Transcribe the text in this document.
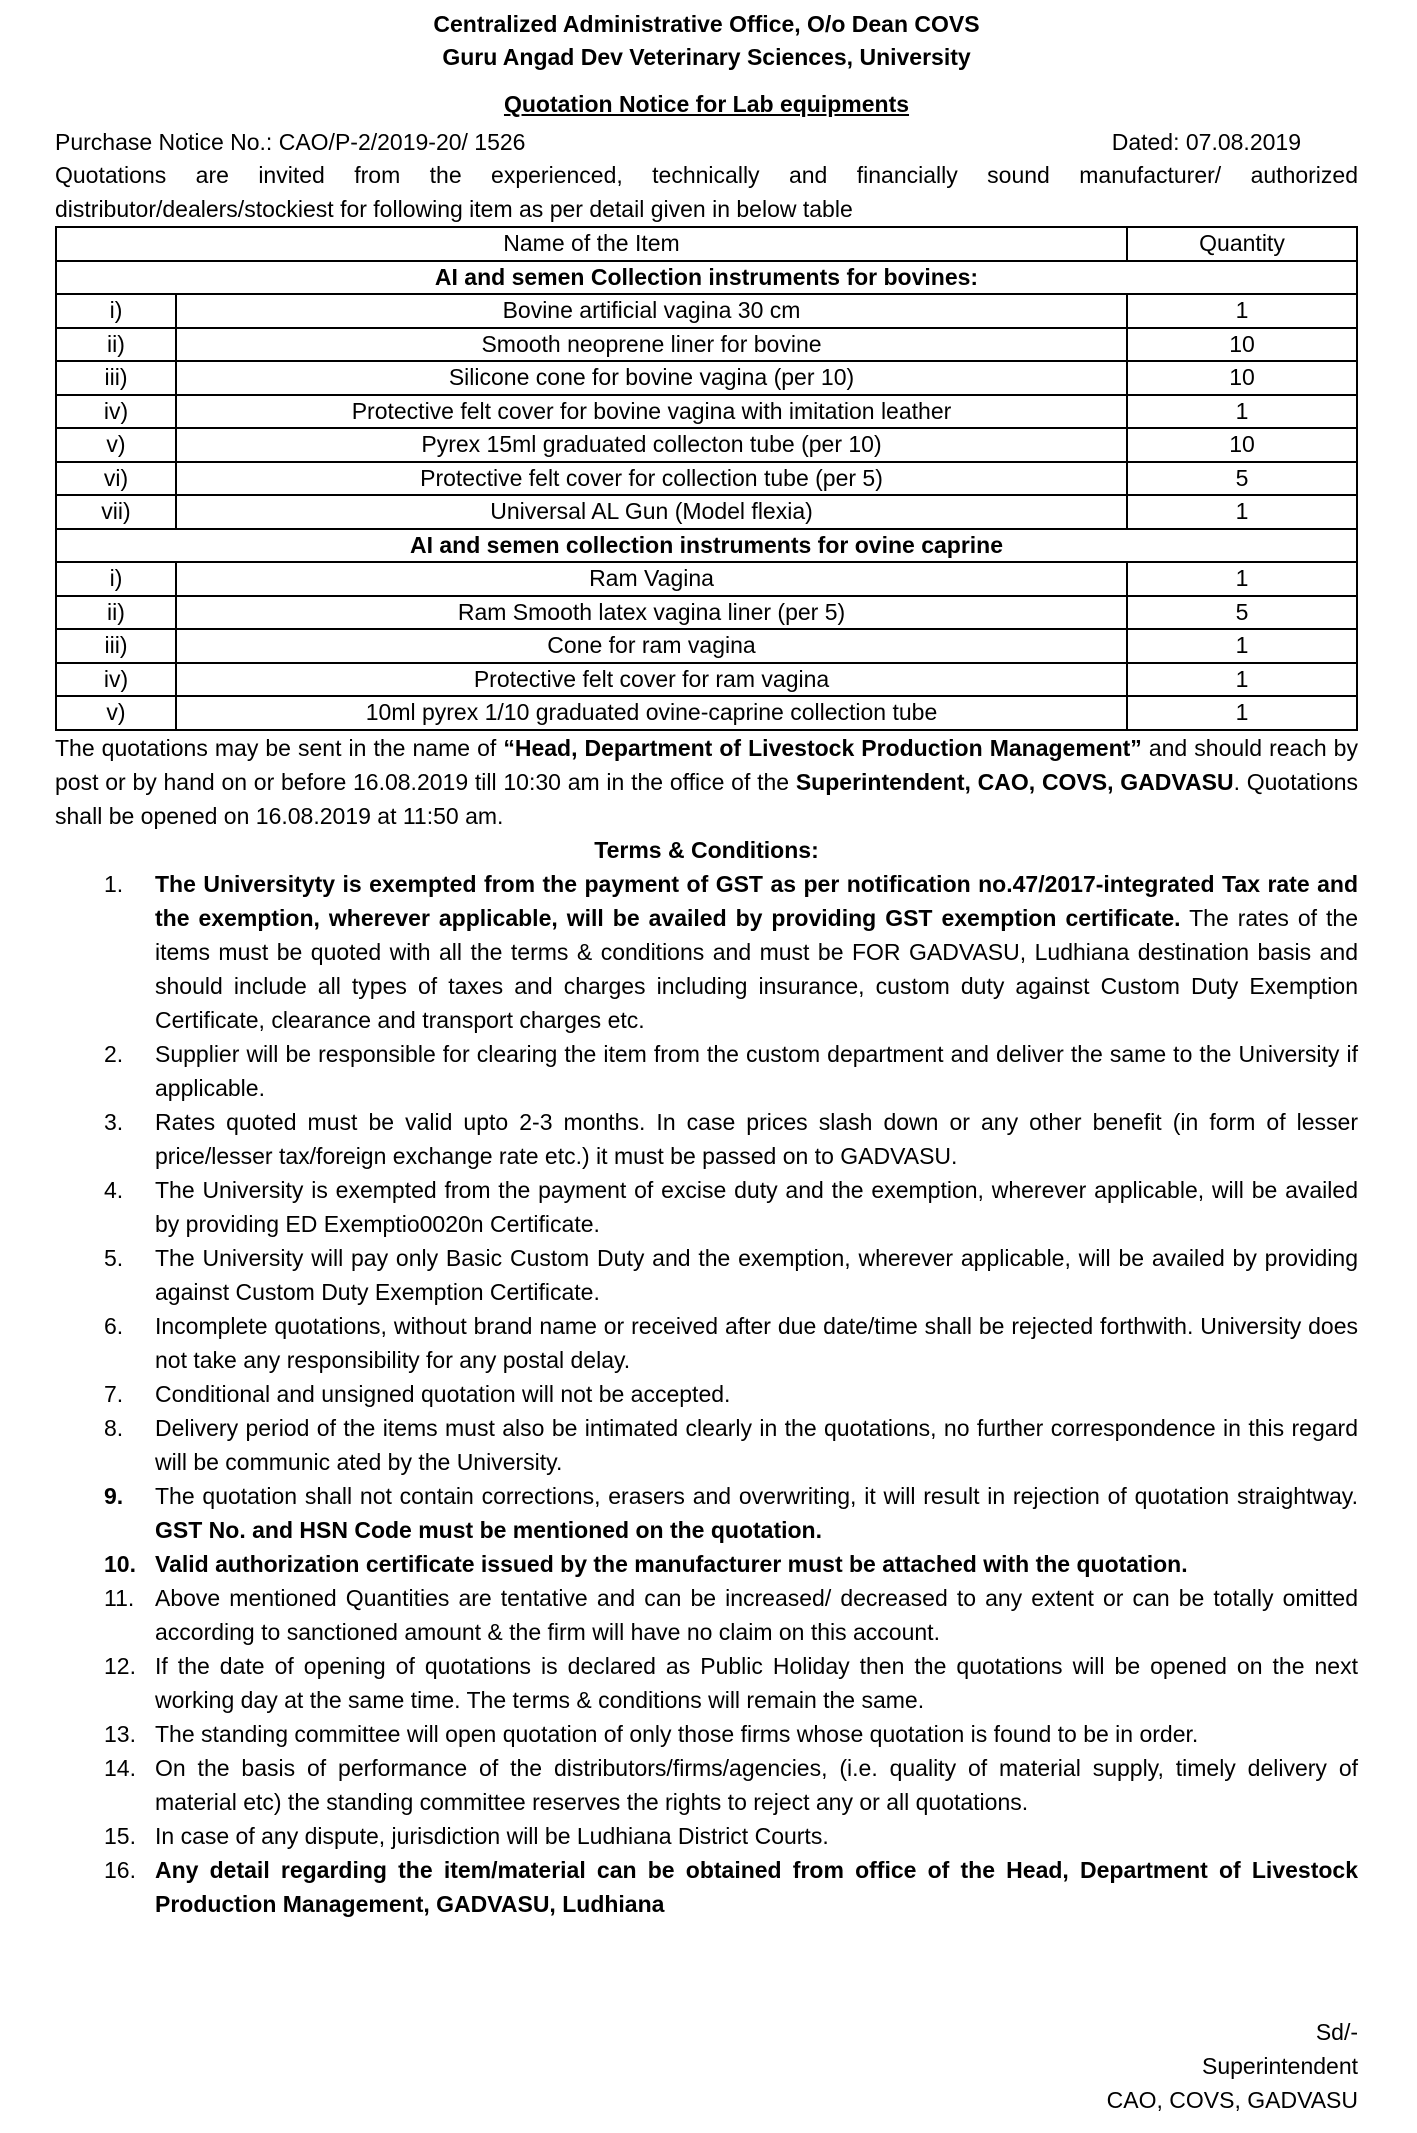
Centralized Administrative Office, O/o Dean COVS
Guru Angad Dev Veterinary Sciences, University
Quotation Notice for Lab equipments
Purchase Notice No.: CAO/P-2/2019-20/ 1526	Dated: 07.08.2019
Quotations are invited from the experienced, technically and financially sound manufacturer/ authorized distributor/dealers/stockiest for following item as per detail given in below table
Name of the Item		Quantity
AI and semen Collection instruments for bovines:		
i)	Bovine artificial vagina 30 cm	1
ii)	Smooth neoprene liner for bovine	10
iii)	Silicone cone for bovine vagina (per 10)	10
iv)	Protective felt cover for bovine vagina with imitation leather	1
v)	Pyrex 15ml graduated collecton tube (per 10)	10
vi)	Protective felt cover for collection tube (per 5)	5
vii)	Universal AL Gun (Model flexia)	1
AI and semen collection instruments for ovine caprine		
i)	Ram Vagina	1
ii)	Ram Smooth latex vagina liner (per 5)	5
iii)	Cone for ram vagina	1
iv)	Protective felt cover for ram vagina	1
v)	10ml pyrex 1/10 graduated ovine-caprine collection tube	1
The quotations may be sent in the name of “Head, Department of Livestock Production Management” and should reach by post or by hand on or before 16.08.2019 till 10:30 am in the office of the Superintendent, CAO, COVS, GADVASU. Quotations shall be opened on 16.08.2019 at 11:50 am.
Terms & Conditions:
1.	The Universityty is exempted from the payment of GST as per notification no.47/2017-integrated Tax rate and the exemption, wherever applicable, will be availed by providing GST exemption certificate. The rates of the items must be quoted with all the terms & conditions and must be FOR GADVASU, Ludhiana destination basis and should include all types of taxes and charges including insurance, custom duty against Custom Duty Exemption Certificate, clearance and transport charges etc.
2.	Supplier will be responsible for clearing the item from the custom department and deliver the same to the University if applicable.
3.	Rates quoted must be valid upto 2-3 months. In case prices slash down or any other benefit (in form of lesser price/lesser tax/foreign exchange rate etc.) it must be passed on to GADVASU.
4.	The University is exempted from the payment of excise duty and the exemption, wherever applicable, will be availed by providing ED Exemptio0020n Certificate.
5.	The University will pay only Basic Custom Duty and the exemption, wherever applicable, will be availed by providing against Custom Duty Exemption Certificate.
6.	Incomplete quotations, without brand name or received after due date/time shall be rejected forthwith. University does not take any responsibility for any postal delay.
7.	Conditional and unsigned quotation will not be accepted.
8.	Delivery period of the items must also be intimated clearly in the quotations, no further correspondence in this regard will be communic ated by the University.
9.	The quotation shall not contain corrections, erasers and overwriting, it will result in rejection of quotation straightway. GST No. and HSN Code must be mentioned on the quotation.
10. Valid authorization certificate issued by the manufacturer must be attached with the quotation.
11. Above mentioned Quantities are tentative and can be increased/ decreased to any extent or can be totally omitted according to sanctioned amount & the firm will have no claim on this account.
12. If the date of opening of quotations is declared as Public Holiday then the quotations will be opened on the next working day at the same time. The terms & conditions will remain the same.
13. The standing committee will open quotation of only those firms whose quotation is found to be in order.
14. On the basis of performance of the distributors/firms/agencies, (i.e. quality of material supply, timely delivery of material etc) the standing committee reserves the rights to reject any or all quotations.
15. In case of any dispute, jurisdiction will be Ludhiana District Courts.
16. Any detail regarding the item/material can be obtained from office of the Head, Department of Livestock Production Management, GADVASU, Ludhiana
Sd/-
Superintendent
CAO, COVS, GADVASU
